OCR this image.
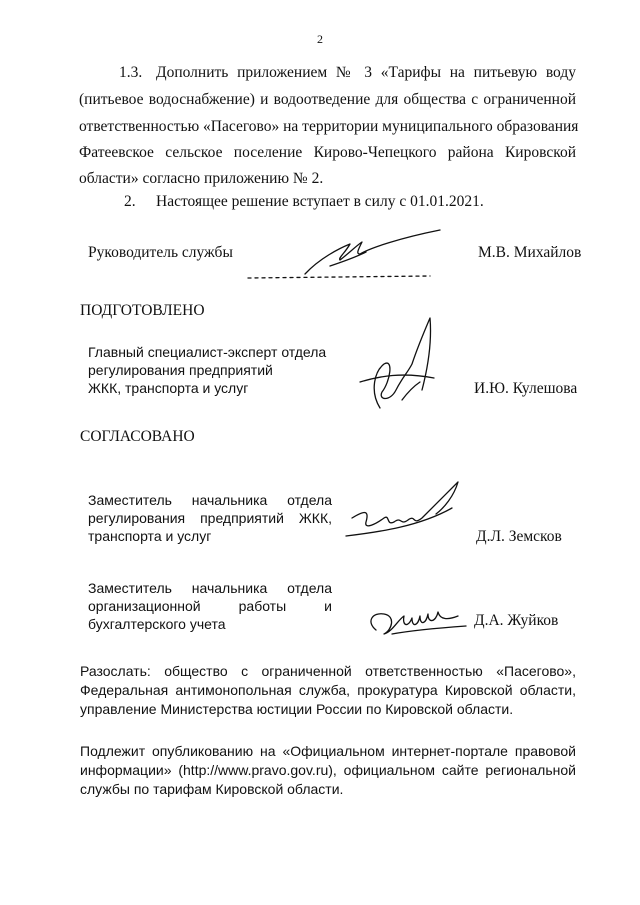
2
1.3. Дополнить приложением № 3 «Тарифы на питьевую воду
(питьевое водоснабжение) и водоотведение для общества с ограниченной
ответственностью «Пасегово» на территории муниципального образования
Фатеевское сельское поселение Кирово-Чепецкого района Кировской
области» согласно приложению № 2.
2. Настоящее решение вступает в силу с 01.01.2021.
Руководитель службы	М.В. Михайлов
ПОДГОТОВЛЕНО
Главный специалист-эксперт отдела
регулирования предприятий
ЖКК, транспорта и услуг	И.Ю. Кулешова
СОГЛАСОВАНО
Заместитель начальника отдела
регулирования предприятий ЖКК,
транспорта и услуг	Д.Л. Земсков
Заместитель начальника отдела
организационной работы и
бухгалтерского учета	Д.А. Жуйков
Разослать: общество с ограниченной ответственностью «Пасегово»,
Федеральная антимонопольная служба, прокуратура Кировской области,
управление Министерства юстиции России по Кировской области.
Подлежит опубликованию на «Официальном интернет-портале правовой
информации» (http://www.pravo.gov.ru), официальном сайте региональной
службы по тарифам Кировской области.
